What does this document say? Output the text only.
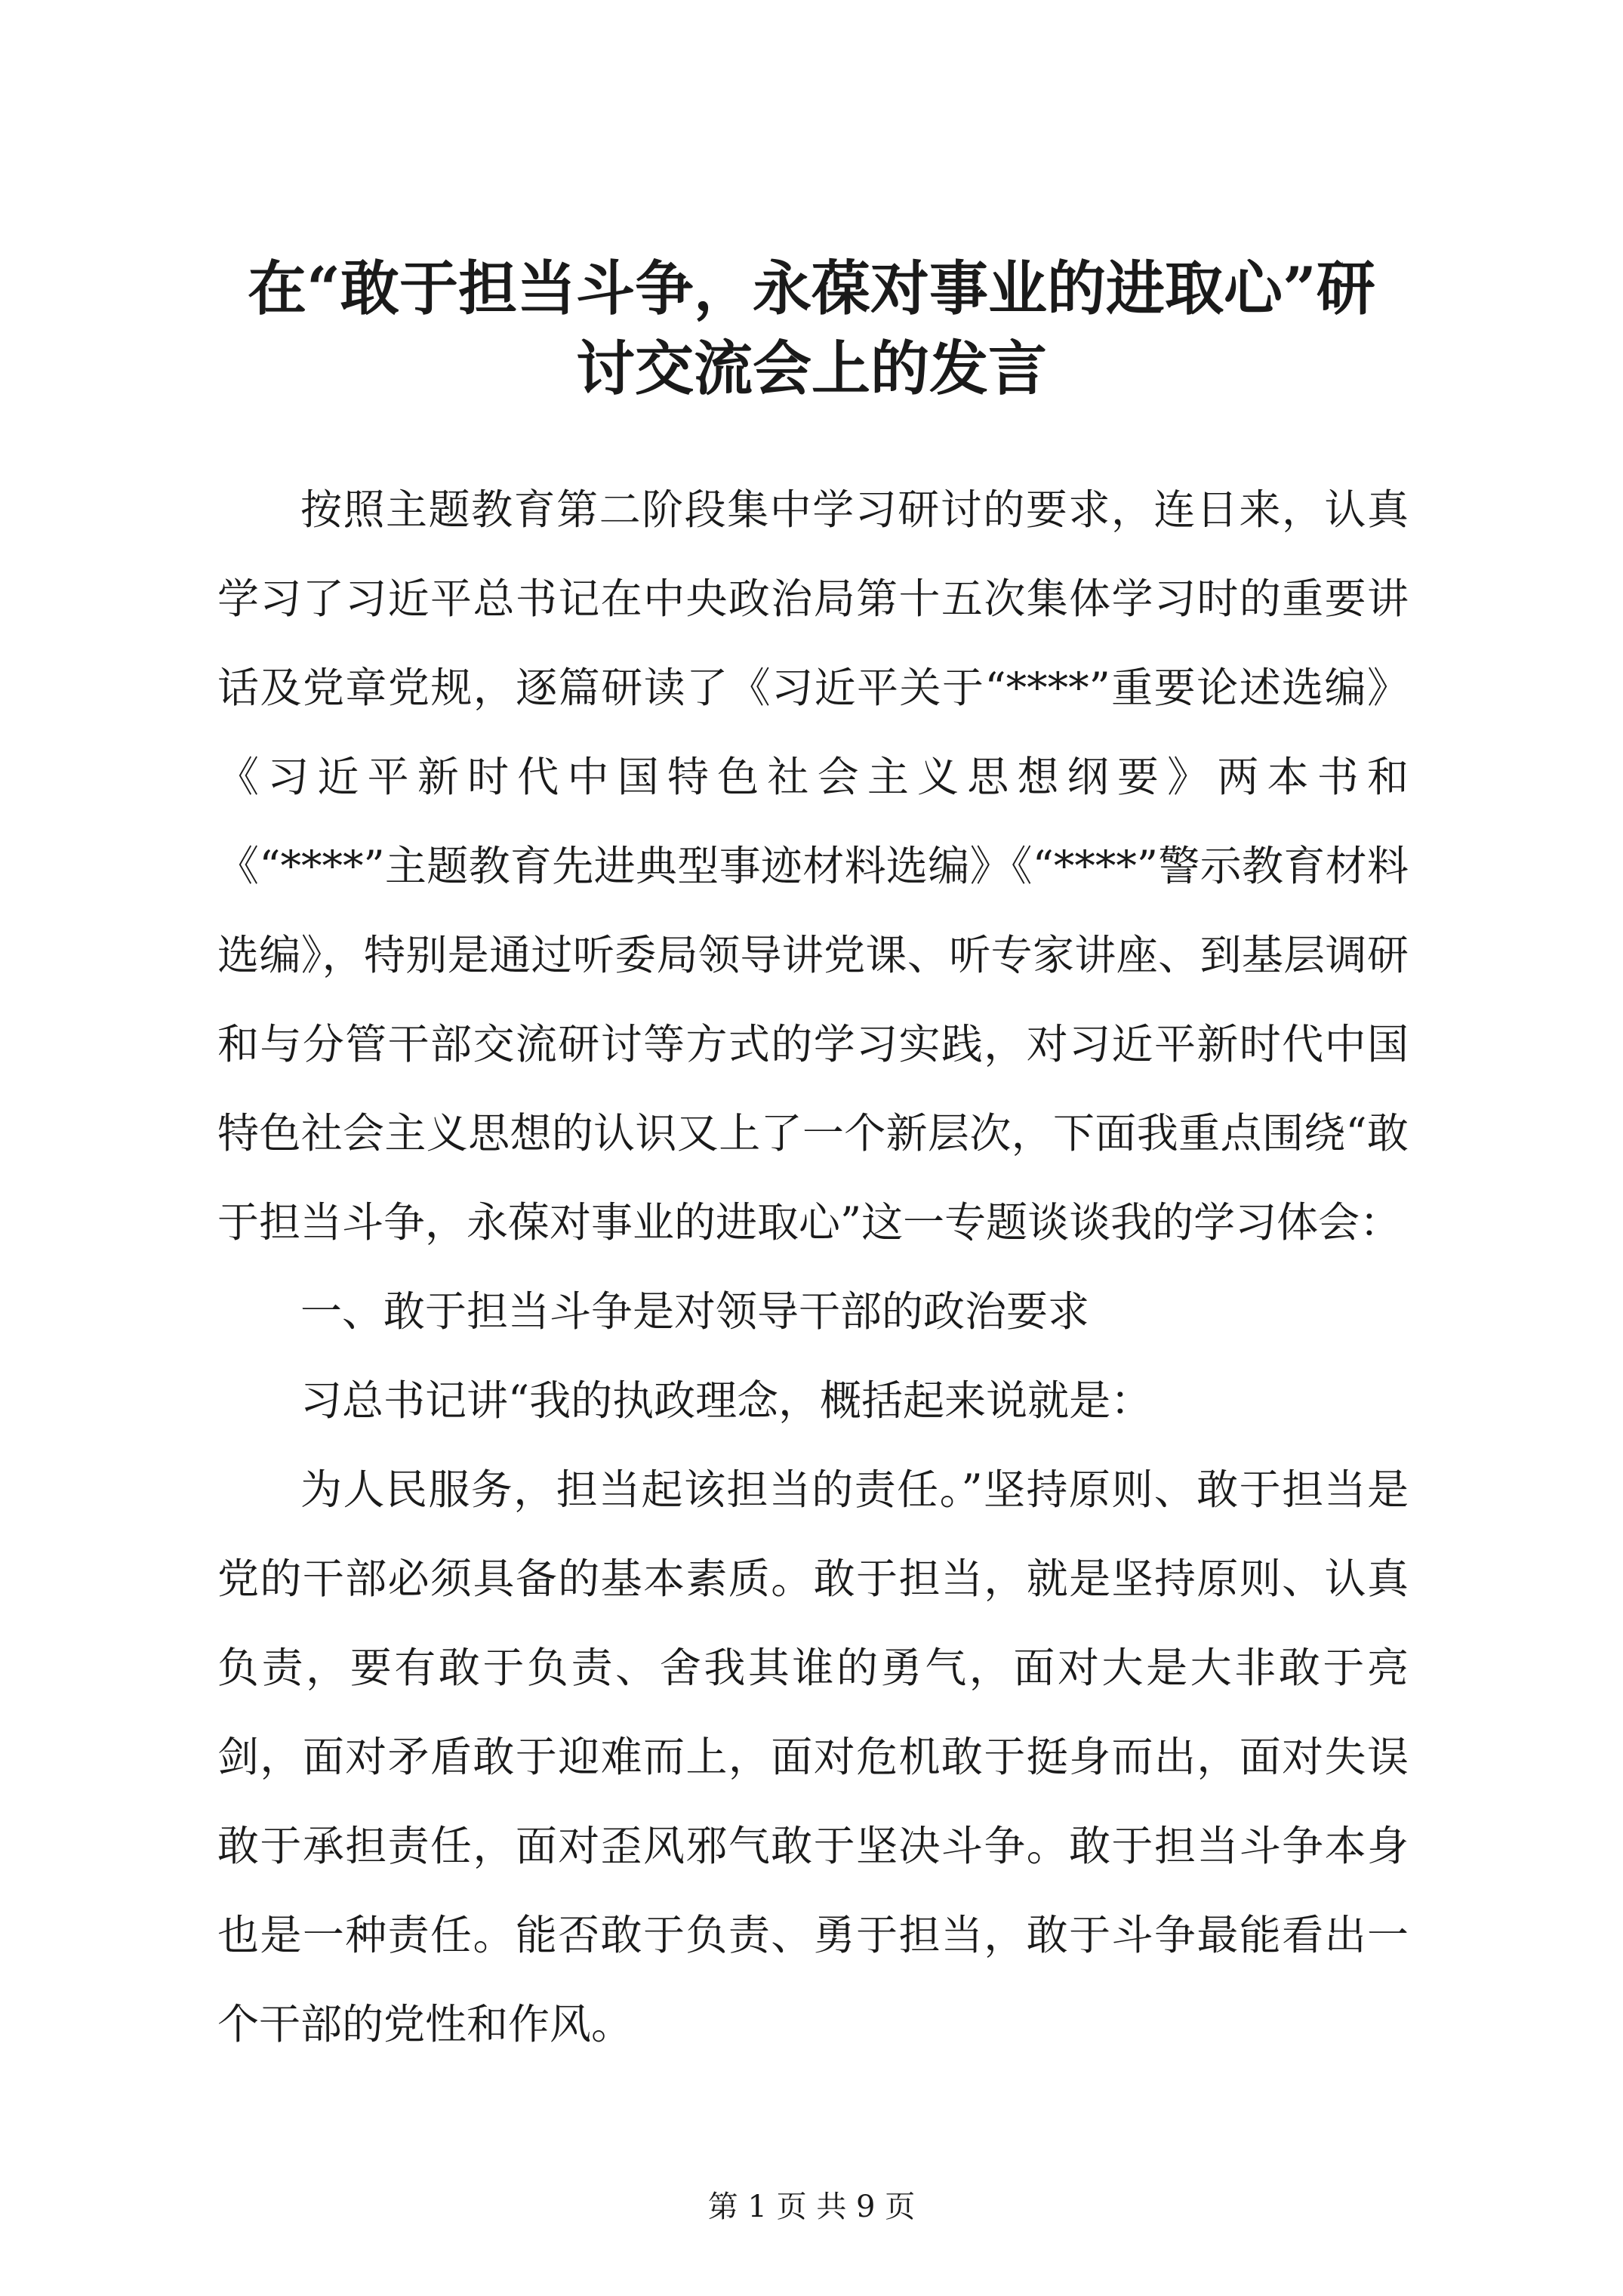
在“敢于担当斗争，永葆对事业的进取心”研
讨交流会上的发言

按照主题教育第二阶段集中学习研讨的要求，连日来，认真学习了习近平总书记在中央政治局第十五次集体学习时的重要讲话及党章党规，逐篇研读了《习近平关于“****”重要论述选编》《习近平新时代中国特色社会主义思想纲要》两本书和《“****”主题教育先进典型事迹材料选编》《“****”警示教育材料选编》，特别是通过听委局领导讲党课、听专家讲座、到基层调研和与分管干部交流研讨等方式的学习实践，对习近平新时代中国特色社会主义思想的认识又上了一个新层次，下面我重点围绕“敢于担当斗争，永葆对事业的进取心”这一专题谈谈我的学习体会：

一、敢于担当斗争是对领导干部的政治要求

习总书记讲“我的执政理念，概括起来说就是：

为人民服务，担当起该担当的责任。”坚持原则、敢于担当是党的干部必须具备的基本素质。敢于担当，就是坚持原则、认真负责，要有敢于负责、舍我其谁的勇气，面对大是大非敢于亮剑，面对矛盾敢于迎难而上，面对危机敢于挺身而出，面对失误敢于承担责任，面对歪风邪气敢于坚决斗争。敢于担当斗争本身也是一种责任。能否敢于负责、勇于担当，敢于斗争最能看出一个干部的党性和作风。

第 1 页 共 9 页
